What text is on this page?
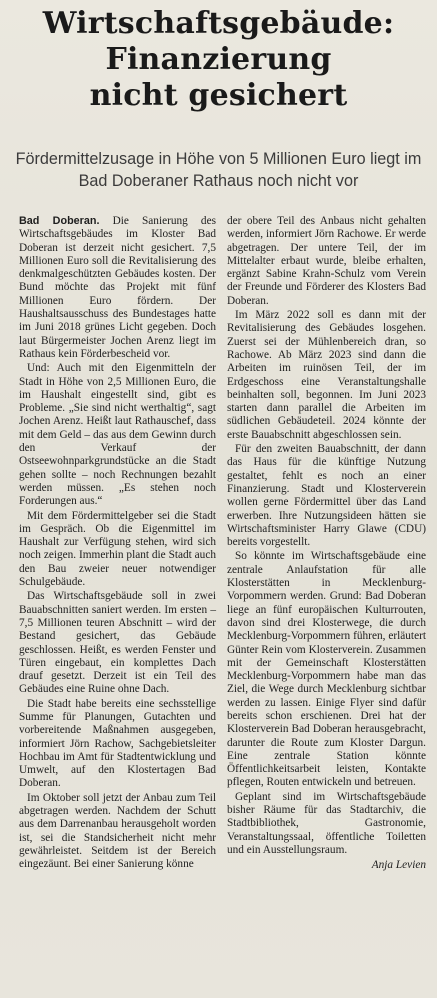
Wirtschaftsgebäude:
Finanzierung
nicht gesichert
Fördermittelzusage in Höhe von 5 Millionen Euro liegt im Bad Doberaner Rathaus noch nicht vor

Bad Doberan. Die Sanierung des Wirtschaftsgebäudes im Kloster Bad Doberan ist derzeit nicht gesichert. 7,5 Millionen Euro soll die Revitalisierung des denkmalgeschützten Gebäudes kosten. Der Bund möchte das Projekt mit fünf Millionen Euro fördern. Der Haushaltsausschuss des Bundestages hatte im Juni 2018 grünes Licht gegeben. Doch laut Bürgermeister Jochen Arenz liegt im Rathaus kein Förderbescheid vor.

Und: Auch mit den Eigenmitteln der Stadt in Höhe von 2,5 Millionen Euro, die im Haushalt eingestellt sind, gibt es Probleme. „Sie sind nicht werthaltig“, sagt Jochen Arenz. Heißt laut Rathauschef, dass mit dem Geld – das aus dem Gewinn durch den Verkauf der Ostseewohnparkgrundstücke an die Stadt gehen sollte – noch Rechnungen bezahlt werden müssen. „Es stehen noch Forderungen aus.“

Mit dem Fördermittelgeber sei die Stadt im Gespräch. Ob die Eigenmittel im Haushalt zur Verfügung stehen, wird sich noch zeigen. Immerhin plant die Stadt auch den Bau zweier neuer notwendiger Schulgebäude.

Das Wirtschaftsgebäude soll in zwei Bauabschnitten saniert werden. Im ersten – 7,5 Millionen teuren Abschnitt – wird der Bestand gesichert, das Gebäude geschlossen. Heißt, es werden Fenster und Türen eingebaut, ein komplettes Dach drauf gesetzt. Derzeit ist ein Teil des Gebäudes eine Ruine ohne Dach.

Die Stadt habe bereits eine sechsstellige Summe für Planungen, Gutachten und vorbereitende Maßnahmen ausgegeben, informiert Jörn Rachow, Sachgebietsleiter Hochbau im Amt für Stadtentwicklung und Umwelt, auf den Klostertagen Bad Doberan.

Im Oktober soll jetzt der Anbau zum Teil abgetragen werden. Nachdem der Schutt aus dem Darrenanbau herausgeholt worden ist, sei die Standsicherheit nicht mehr gewährleistet. Seitdem ist der Bereich eingezäunt. Bei einer Sanierung könne

der obere Teil des Anbaus nicht gehalten werden, informiert Jörn Rachowe. Er werde abgetragen. Der untere Teil, der im Mittelalter erbaut wurde, bleibe erhalten, ergänzt Sabine Krahn-Schulz vom Verein der Freunde und Förderer des Klosters Bad Doberan.

Im März 2022 soll es dann mit der Revitalisierung des Gebäudes losgehen. Zuerst sei der Mühlenbereich dran, so Rachowe. Ab März 2023 sind dann die Arbeiten im ruinösen Teil, der im Erdgeschoss eine Veranstaltungshalle beinhalten soll, begonnen. Im Juni 2023 starten dann parallel die Arbeiten im südlichen Gebäudeteil. 2024 könnte der erste Bauabschnitt abgeschlossen sein.

Für den zweiten Bauabschnitt, der dann das Haus für die künftige Nutzung gestaltet, fehlt es noch an einer Finanzierung. Stadt und Klosterverein wollen gerne Fördermittel über das Land erwerben. Ihre Nutzungsideen hätten sie Wirtschaftsminister Harry Glawe (CDU) bereits vorgestellt.

So könnte im Wirtschaftsgebäude eine zentrale Anlaufstation für alle Klosterstätten in Mecklenburg-Vorpommern werden. Grund: Bad Doberan liege an fünf europäischen Kulturrouten, davon sind drei Klosterwege, die durch Mecklenburg-Vorpommern führen, erläutert Günter Rein vom Klosterverein. Zusammen mit der Gemeinschaft Klosterstätten Mecklenburg-Vorpommern habe man das Ziel, die Wege durch Mecklenburg sichtbar werden zu lassen. Einige Flyer sind dafür bereits schon erschienen. Drei hat der Klosterverein Bad Doberan herausgebracht, darunter die Route zum Kloster Dargun. Eine zentrale Station könnte Öffentlichkeitsarbeit leisten, Kontakte pflegen, Routen entwickeln und betreuen.

Geplant sind im Wirtschaftsgebäude bisher Räume für das Stadtarchiv, die Stadtbibliothek, Gastronomie, Veranstaltungssaal, öffentliche Toiletten und ein Ausstellungsraum.

Anja Levien
